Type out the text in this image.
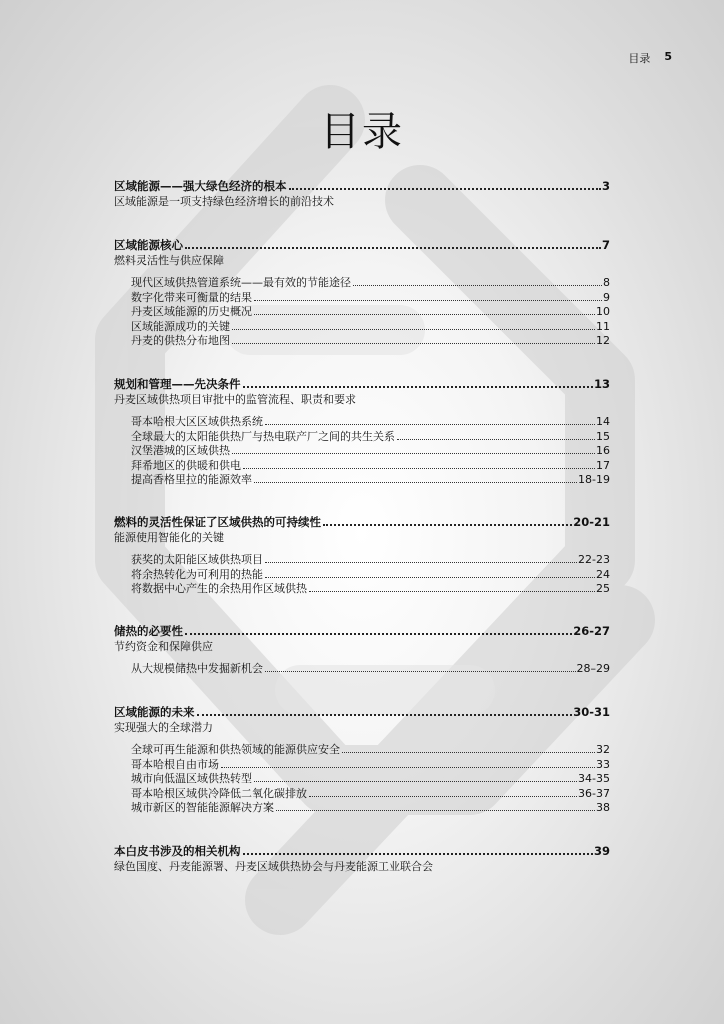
目录 5
目录
区域能源——强大绿色经济的根本	3
区域能源是一项支持绿色经济增长的前沿技术
区域能源核心	7
燃料灵活性与供应保障
现代区域供热管道系统——最有效的节能途径	8
数字化带来可衡量的结果	9
丹麦区域能源的历史概况	10
区域能源成功的关键	11
丹麦的供热分布地图	12
规划和管理——先决条件	13
丹麦区域供热项目审批中的监管流程、职责和要求
哥本哈根大区区域供热系统	14
全球最大的太阳能供热厂与热电联产厂之间的共生关系	15
汉堡港城的区域供热	16
拜希地区的供暖和供电	17
提高香格里拉的能源效率	18-19
燃料的灵活性保证了区域供热的可持续性	20-21
能源使用智能化的关键
获奖的太阳能区域供热项目	22-23
将余热转化为可利用的热能	24
将数据中心产生的余热用作区域供热	25
储热的必要性	26-27
节约资金和保障供应
从大规模储热中发掘新机会	28–29
区域能源的未来	30-31
实现强大的全球潜力
全球可再生能源和供热领域的能源供应安全	32
哥本哈根自由市场	33
城市向低温区域供热转型	34-35
哥本哈根区域供冷降低二氧化碳排放	36-37
城市新区的智能能源解决方案	38
本白皮书涉及的相关机构	39
绿色国度、丹麦能源署、丹麦区域供热协会与丹麦能源工业联合会
